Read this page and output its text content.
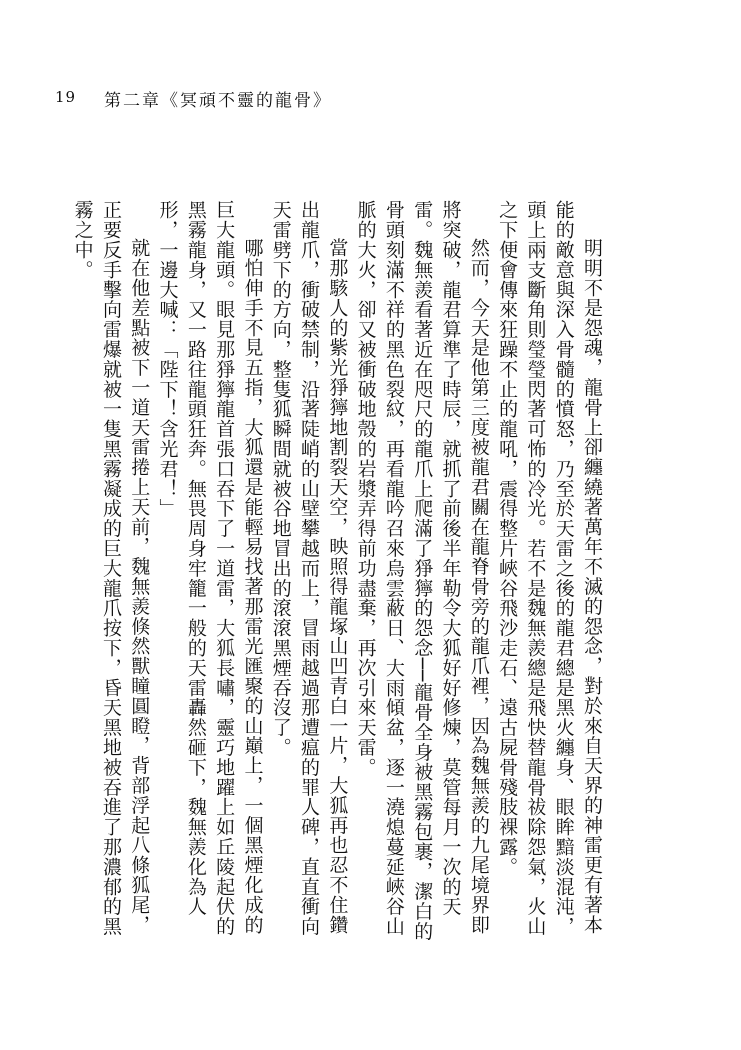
19 第二章《冥頑不靈的龍骨》

明明不是怨魂，龍骨上卻纏繞著萬年不滅的怨念，對於來自天界的神雷更有著本能的敵意與深入骨髓的憤怒，乃至於天雷之後的龍君總是黑火纏身、眼眸黯淡混沌，頭上兩支斷角則瑩瑩閃著可怖的冷光。若不是魏無羨總是飛快替龍骨祓除怨氣，火山之下便會傳來狂躁不止的龍吼，震得整片峽谷飛沙走石、遠古屍骨殘肢裸露。

然而，今天是他第三度被龍君關在龍脊骨旁的龍爪裡，因為魏無羨的九尾境界即將突破，龍君算準了時辰，就抓了前後半年勒令大狐好好修煉，莫管每月一次的天雷。魏無羨看著近在咫尺的龍爪上爬滿了猙獰的怨念──龍骨全身被黑霧包裹，潔白的骨頭刻滿不祥的黑色裂紋，再看龍吟召來烏雲蔽日、大雨傾盆，逐一澆熄蔓延峽谷山脈的大火，卻又被衝破地殼的岩漿弄得前功盡棄，再次引來天雷。

當那駭人的紫光猙獰地割裂天空，映照得龍塚山凹青白一片，大狐再也忍不住鑽出龍爪，衝破禁制，沿著陡峭的山壁攀越而上，冒雨越過那遭瘟的罪人碑，直直衝向天雷劈下的方向，整隻狐瞬間就被谷地冒出的滾滾黑煙吞沒了。

哪怕伸手不見五指，大狐還是能輕易找著那雷光匯聚的山巔上，一個黑煙化成的巨大龍頭。眼見那猙獰龍首張口吞下了一道雷，大狐長嘯，靈巧地躍上如丘陵起伏的黑霧龍身，又一路往龍頭狂奔。無畏周身牢籠一般的天雷轟然砸下，魏無羨化為人形，一邊大喊：「陛下！含光君！」

就在他差點被下一道天雷捲上天前，魏無羨倏然獸瞳圓瞪，背部浮起八條狐尾，正要反手擊向雷爆就被一隻黑霧凝成的巨大龍爪按下，昏天黑地被吞進了那濃郁的黑霧之中。
